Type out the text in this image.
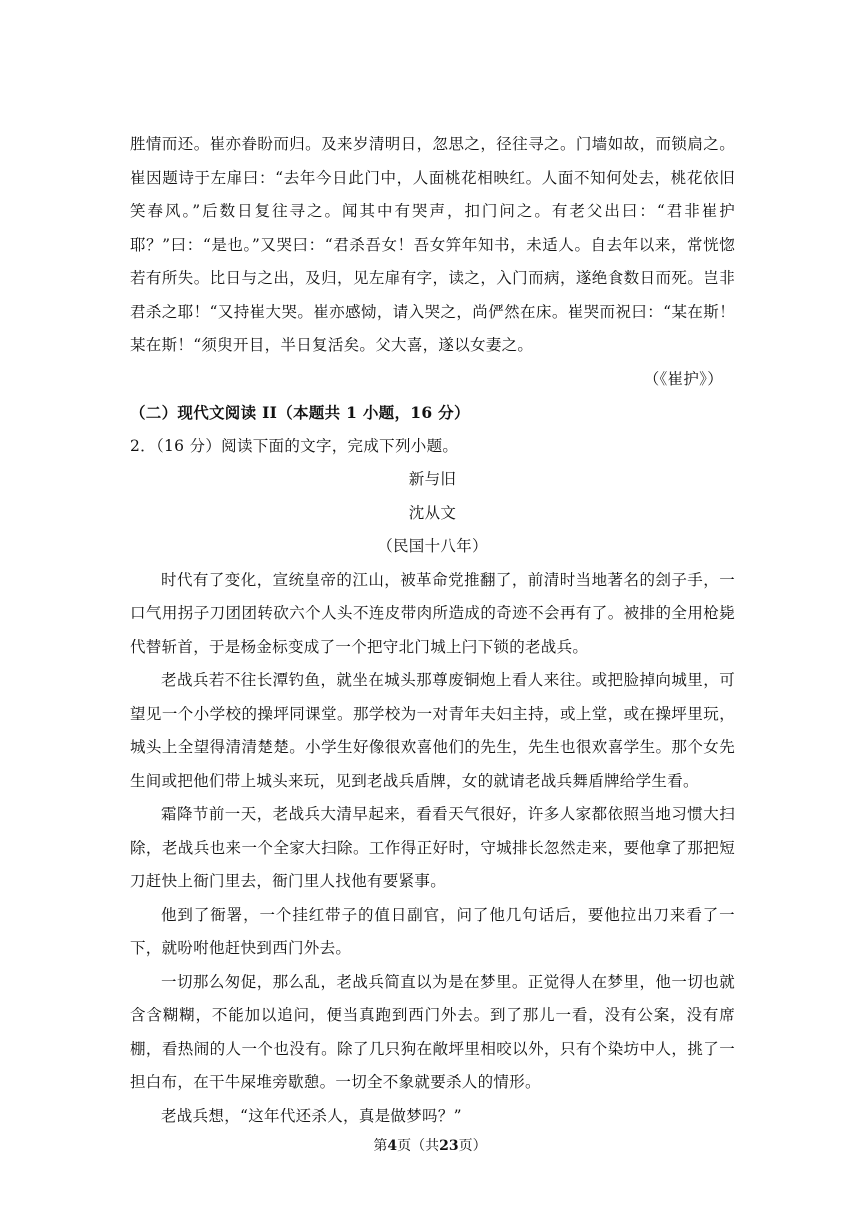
胜情而还。崔亦眷盼而归。及来岁清明日，忽思之，径往寻之。门墙如故，而锁扃之。崔因题诗于左扉曰：“去年今日此门中，人面桃花相映红。人面不知何处去，桃花依旧笑春风。”后数日复往寻之。闻其中有哭声，扣门问之。有老父出曰：“君非崔护耶？”曰：“是也。”又哭曰：“君杀吾女！吾女笄年知书，未适人。自去年以来，常恍惚若有所失。比日与之出，及归，见左扉有字，读之，入门而病，遂绝食数日而死。岂非君杀之耶！“又持崔大哭。崔亦感恸，请入哭之，尚俨然在床。崔哭而祝曰：“某在斯！某在斯！“须臾开目，半日复活矣。父大喜，遂以女妻之。

（《崔护》）

（二）现代文阅读 II（本题共 1 小题，16 分）

2．（16 分）阅读下面的文字，完成下列小题。

新与旧

沈从文

（民国十八年）

时代有了变化，宣统皇帝的江山，被革命党推翻了，前清时当地著名的刽子手，一口气用拐子刀团团转砍六个人头不连皮带肉所造成的奇迹不会再有了。被排的全用枪毙代替斩首，于是杨金标变成了一个把守北门城上闩下锁的老战兵。

老战兵若不往长潭钓鱼，就坐在城头那尊废铜炮上看人来往。或把脸掉向城里，可望见一个小学校的操坪同课堂。那学校为一对青年夫妇主持，或上堂，或在操坪里玩，城头上全望得清清楚楚。小学生好像很欢喜他们的先生，先生也很欢喜学生。那个女先生间或把他们带上城头来玩，见到老战兵盾牌，女的就请老战兵舞盾牌给学生看。

霜降节前一天，老战兵大清早起来，看看天气很好，许多人家都依照当地习惯大扫除，老战兵也来一个全家大扫除。工作得正好时，守城排长忽然走来，要他拿了那把短刀赶快上衙门里去，衙门里人找他有要紧事。

他到了衙署，一个挂红带子的值日副官，问了他几句话后，要他拉出刀来看了一下，就吩咐他赶快到西门外去。

一切那么匆促，那么乱，老战兵简直以为是在梦里。正觉得人在梦里，他一切也就含含糊糊，不能加以追问，便当真跑到西门外去。到了那儿一看，没有公案，没有席棚，看热闹的人一个也没有。除了几只狗在敞坪里相咬以外，只有个染坊中人，挑了一担白布，在干牛屎堆旁歇憩。一切全不象就要杀人的情形。

老战兵想，“这年代还杀人，真是做梦吗？”

第4页（共23页）
